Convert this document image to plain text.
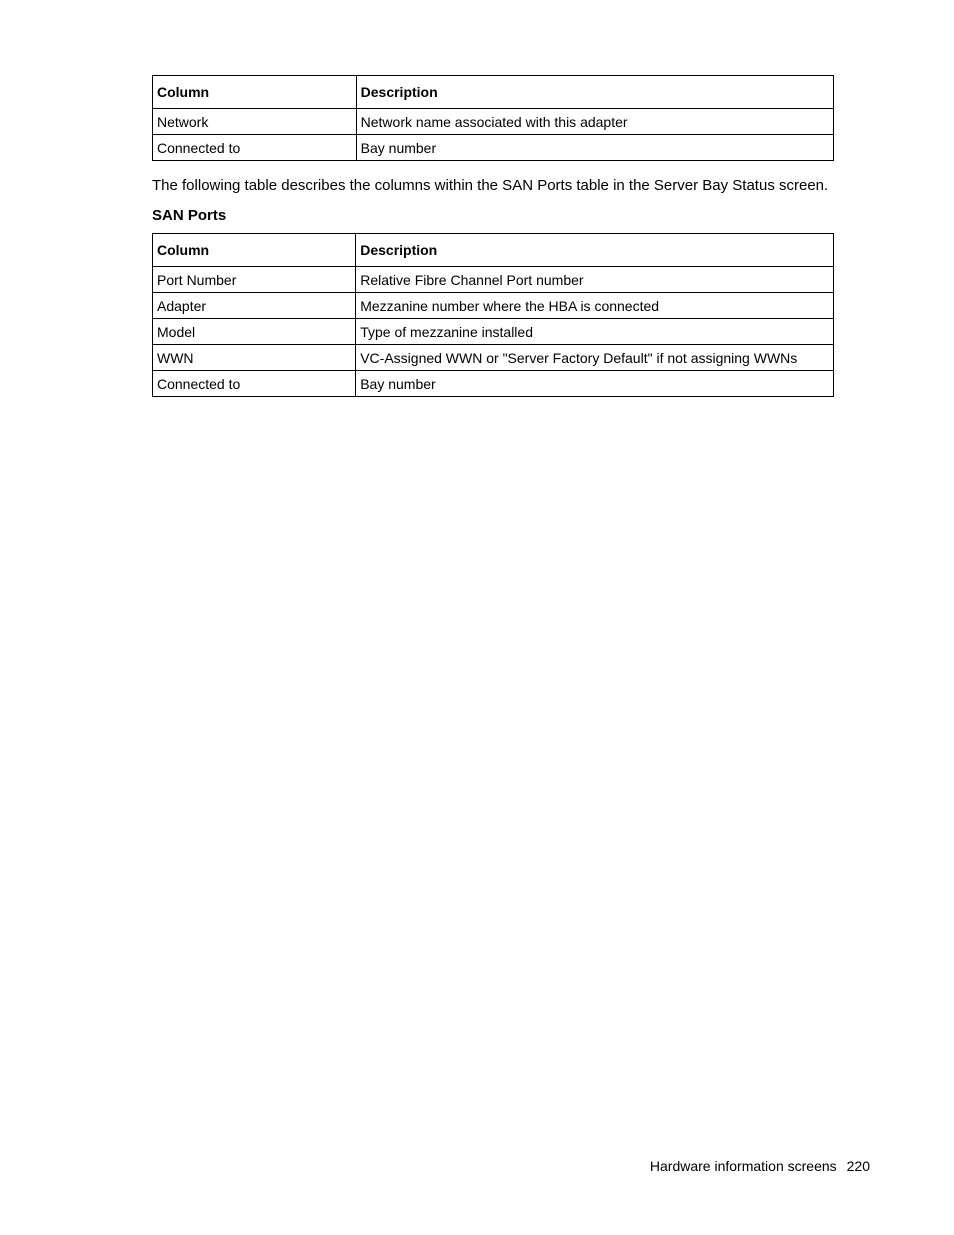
Column	Description
Network	Network name associated with this adapter
Connected to	Bay number

The following table describes the columns within the SAN Ports table in the Server Bay Status screen.

SAN Ports
Column	Description
Port Number	Relative Fibre Channel Port number
Adapter	Mezzanine number where the HBA is connected
Model	Type of mezzanine installed
WWN	VC-Assigned WWN or "Server Factory Default" if not assigning WWNs
Connected to	Bay number
Hardware information screens 220
